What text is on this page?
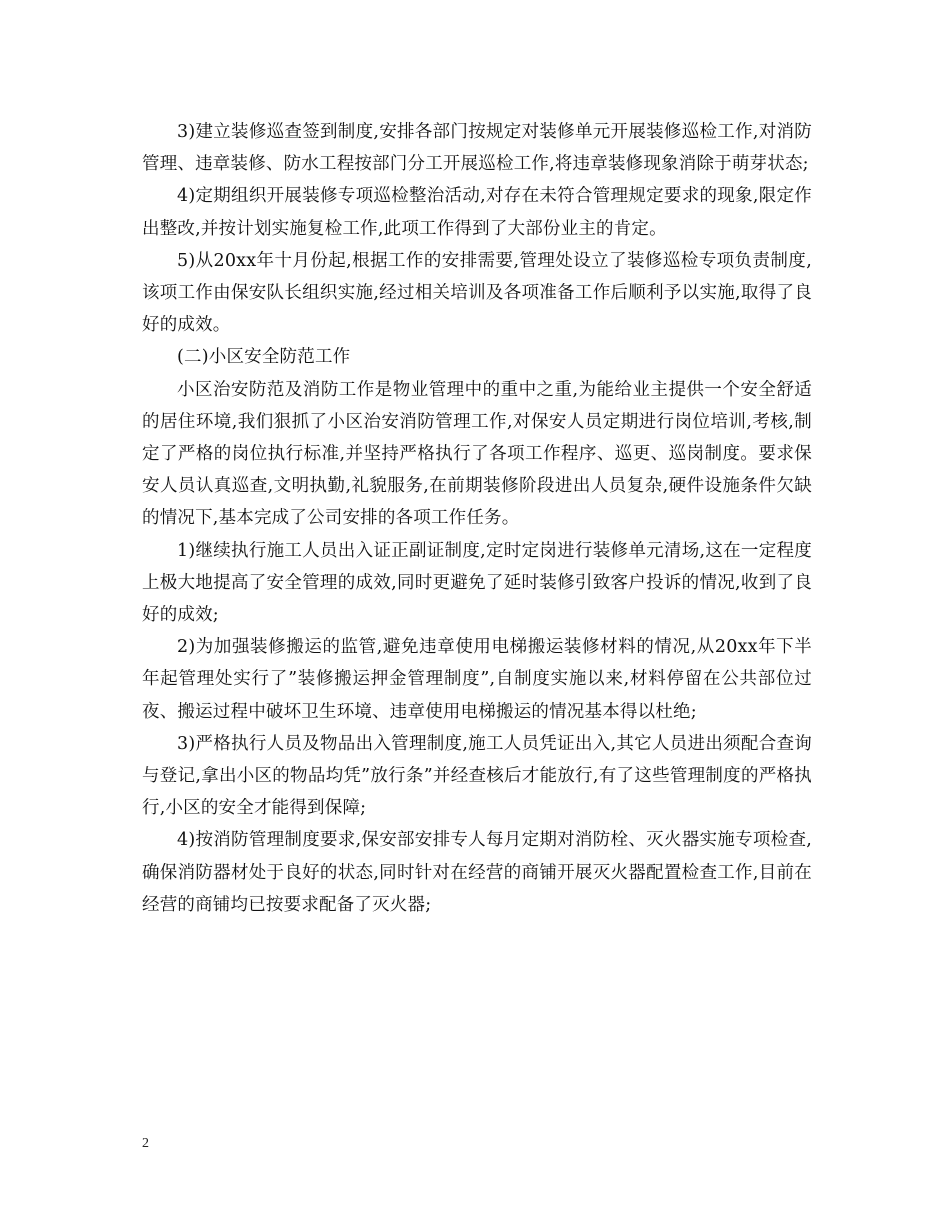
3)建立装修巡查签到制度,安排各部门按规定对装修单元开展装修巡检工作,对消防管理、违章装修、防水工程按部门分工开展巡检工作,将违章装修现象消除于萌芽状态;

4)定期组织开展装修专项巡检整治活动,对存在未符合管理规定要求的现象,限定作出整改,并按计划实施复检工作,此项工作得到了大部份业主的肯定。

5)从20xx年十月份起,根据工作的安排需要,管理处设立了装修巡检专项负责制度,该项工作由保安队长组织实施,经过相关培训及各项准备工作后顺利予以实施,取得了良好的成效。

(二)小区安全防范工作

小区治安防范及消防工作是物业管理中的重中之重,为能给业主提供一个安全舒适的居住环境,我们狠抓了小区治安消防管理工作,对保安人员定期进行岗位培训,考核,制定了严格的岗位执行标准,并坚持严格执行了各项工作程序、巡更、巡岗制度。要求保安人员认真巡查,文明执勤,礼貌服务,在前期装修阶段进出人员复杂,硬件设施条件欠缺的情况下,基本完成了公司安排的各项工作任务。

1)继续执行施工人员出入证正副证制度,定时定岗进行装修单元清场,这在一定程度上极大地提高了安全管理的成效,同时更避免了延时装修引致客户投诉的情况,收到了良好的成效;

2)为加强装修搬运的监管,避免违章使用电梯搬运装修材料的情况,从20xx年下半年起管理处实行了”装修搬运押金管理制度”,自制度实施以来,材料停留在公共部位过夜、搬运过程中破坏卫生环境、违章使用电梯搬运的情况基本得以杜绝;

3)严格执行人员及物品出入管理制度,施工人员凭证出入,其它人员进出须配合查询与登记,拿出小区的物品均凭”放行条”并经查核后才能放行,有了这些管理制度的严格执行,小区的安全才能得到保障;

4)按消防管理制度要求,保安部安排专人每月定期对消防栓、灭火器实施专项检查,确保消防器材处于良好的状态,同时针对在经营的商铺开展灭火器配置检查工作,目前在经营的商铺均已按要求配备了灭火器;

2
